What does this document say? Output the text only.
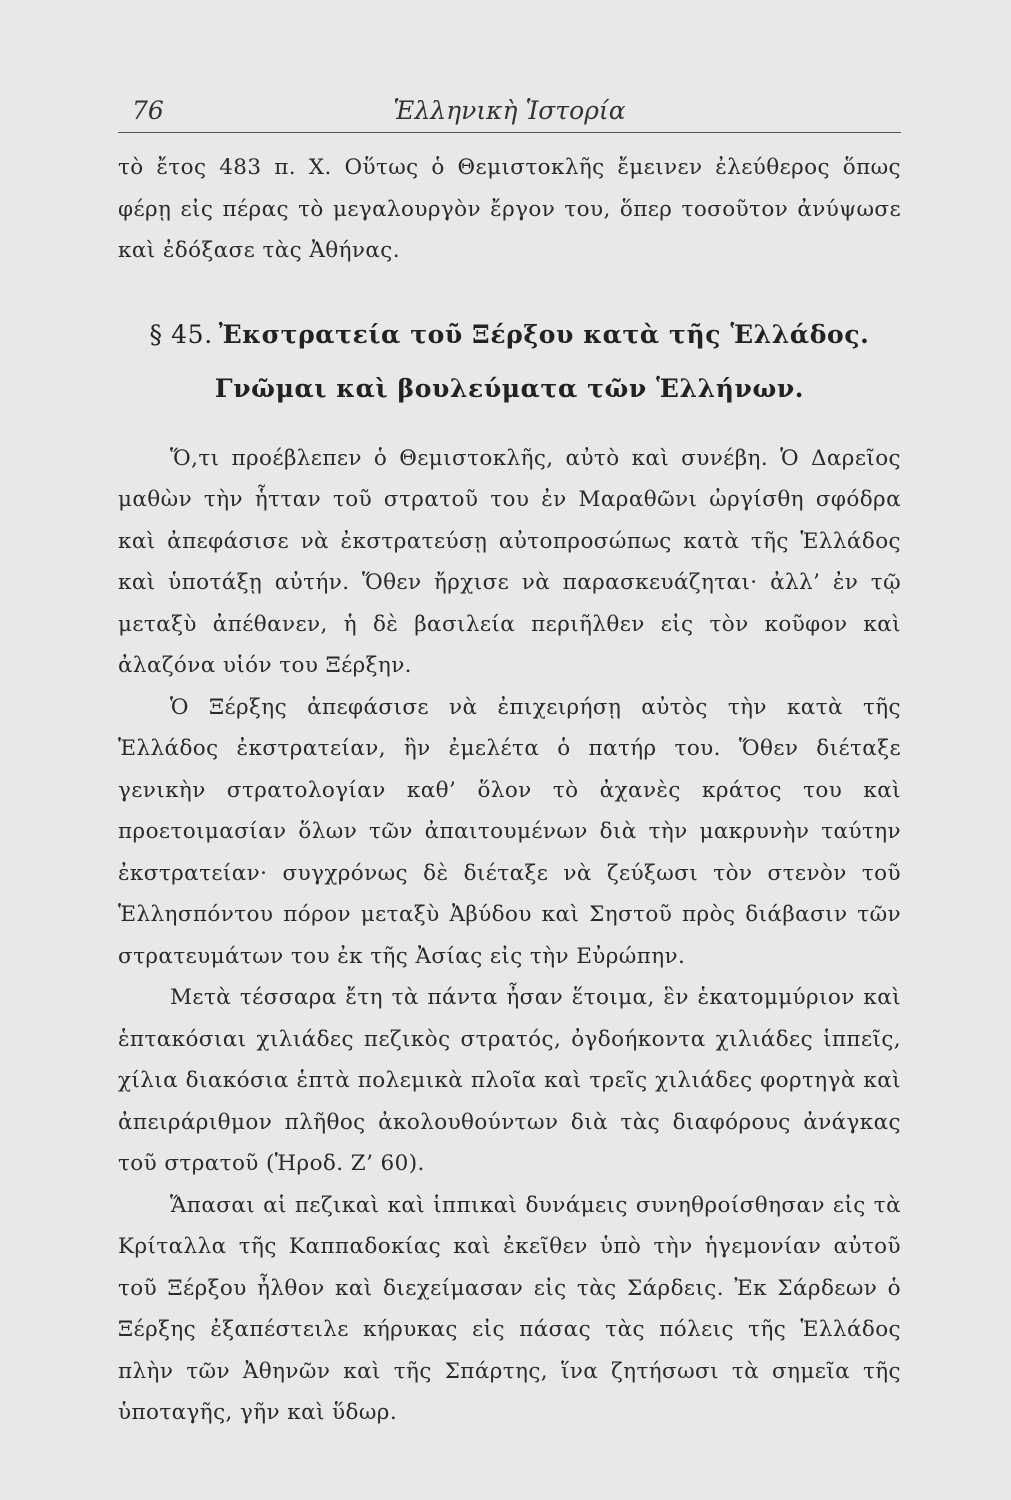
76	Ἑλληνικὴ Ἱστορία

τὸ ἔτος 483 π. Χ. Οὕτως ὁ Θεμιστοκλῆς ἔμεινεν ἐλεύθερος ὅπως φέρῃ εἰς πέρας τὸ μεγαλουργὸν ἔργον του, ὅπερ τοσοῦτον ἀνύψωσε καὶ ἐδόξασε τὰς Ἀθήνας.

§ 45. Ἐκστρατεία τοῦ Ξέρξου κατὰ τῆς Ἑλλάδος.
Γνῶμαι καὶ βουλεύματα τῶν Ἑλλήνων.

Ὅ,τι προέβλεπεν ὁ Θεμιστοκλῆς, αὐτὸ καὶ συνέβη. Ὁ Δαρεῖος μαθὼν τὴν ἧτταν τοῦ στρατοῦ του ἐν Μαραθῶνι ὠργίσθη σφόδρα καὶ ἀπεφάσισε νὰ ἐκστρατεύσῃ αὐτοπροσώπως κατὰ τῆς Ἑλλάδος καὶ ὑποτάξῃ αὐτήν. Ὅθεν ἤρχισε νὰ παρασκευάζηται· ἀλλ’ ἐν τῷ μεταξὺ ἀπέθανεν, ἡ δὲ βασιλεία περιῆλθεν εἰς τὸν κοῦφον καὶ ἀλαζόνα υἱόν του Ξέρξην.

Ὁ Ξέρξης ἀπεφάσισε νὰ ἐπιχειρήσῃ αὐτὸς τὴν κατὰ τῆς Ἑλλάδος ἐκστρατείαν, ἣν ἐμελέτα ὁ πατήρ του. Ὅθεν διέταξε γενικὴν στρατολογίαν καθ’ ὅλον τὸ ἀχανὲς κράτος του καὶ προετοιμασίαν ὅλων τῶν ἀπαιτουμένων διὰ τὴν μακρυνὴν ταύτην ἐκστρατείαν· συγχρόνως δὲ διέταξε νὰ ζεύξωσι τὸν στενὸν τοῦ Ἑλλησπόντου πόρον μεταξὺ Ἀβύδου καὶ Σηστοῦ πρὸς διάβασιν τῶν στρατευμάτων του ἐκ τῆς Ἀσίας εἰς τὴν Εὐρώπην.

Μετὰ τέσσαρα ἔτη τὰ πάντα ἦσαν ἕτοιμα, ἓν ἑκατομμύριον καὶ ἑπτακόσιαι χιλιάδες πεζικὸς στρατός, ὀγδοήκοντα χιλιάδες ἱππεῖς, χίλια διακόσια ἑπτὰ πολεμικὰ πλοῖα καὶ τρεῖς χιλιάδες φορτηγὰ καὶ ἀπειράριθμον πλῆθος ἀκολουθούντων διὰ τὰς διαφόρους ἀνάγκας τοῦ στρατοῦ (Ἡροδ. Ζ’ 60).

Ἅπασαι αἱ πεζικαὶ καὶ ἱππικαὶ δυνάμεις συνηθροίσθησαν εἰς τὰ Κρίταλλα τῆς Καππαδοκίας καὶ ἐκεῖθεν ὑπὸ τὴν ἡγεμονίαν αὐτοῦ τοῦ Ξέρξου ἦλθον καὶ διεχείμασαν εἰς τὰς Σάρδεις. Ἐκ Σάρδεων ὁ Ξέρξης ἐξαπέστειλε κήρυκας εἰς πάσας τὰς πόλεις τῆς Ἑλλάδος πλὴν τῶν Ἀθηνῶν καὶ τῆς Σπάρτης, ἵνα ζητήσωσι τὰ σημεῖα τῆς ὑποταγῆς, γῆν καὶ ὕδωρ.
